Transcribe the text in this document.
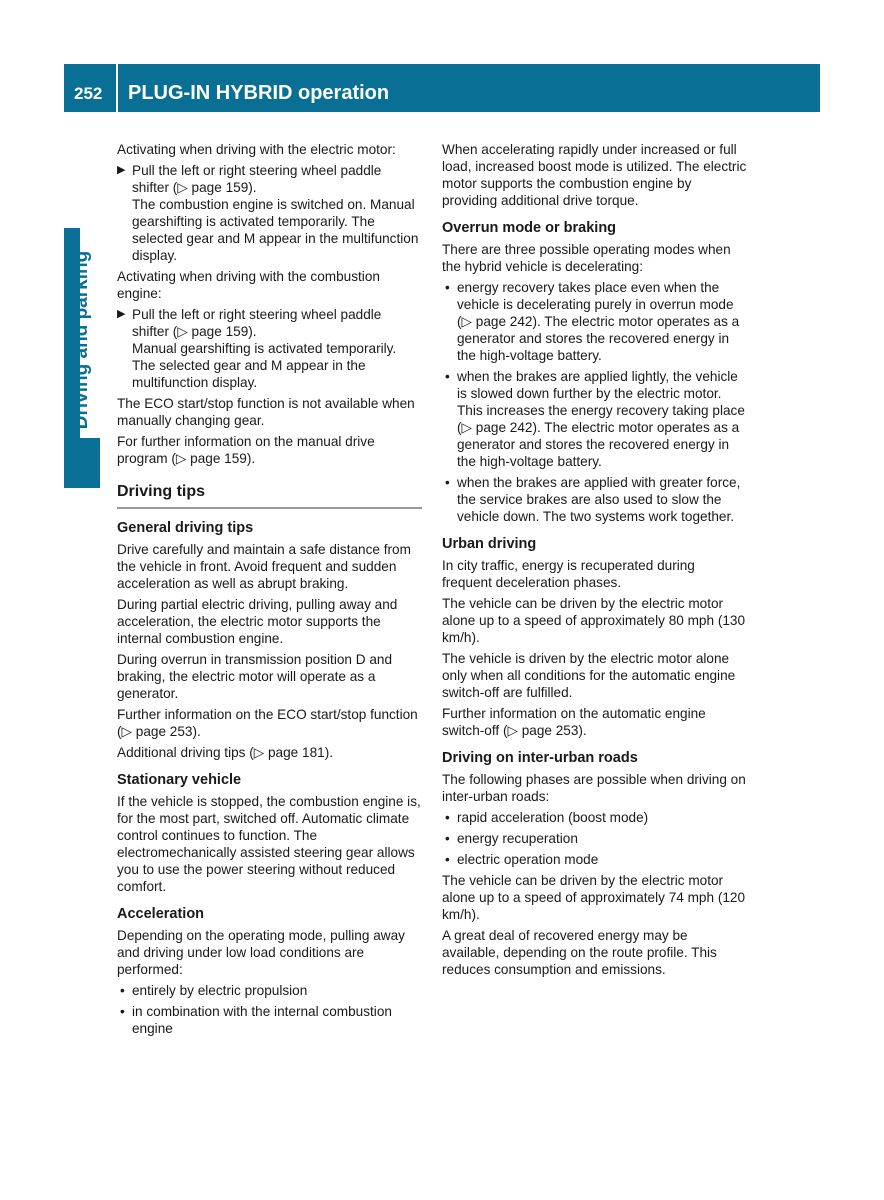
252	PLUG-IN HYBRID operation
Driving and parking

Activating when driving with the electric motor:

▶ Pull the left or right steering wheel paddle shifter (▷ page 159).
The combustion engine is switched on. Manual gearshifting is activated temporarily. The selected gear and M appear in the multifunction display.

Activating when driving with the combustion engine:

▶ Pull the left or right steering wheel paddle shifter (▷ page 159).
Manual gearshifting is activated temporarily. The selected gear and M appear in the multifunction display.

The ECO start/stop function is not available when manually changing gear.

For further information on the manual drive program (▷ page 159).

Driving tips
General driving tips

Drive carefully and maintain a safe distance from the vehicle in front. Avoid frequent and sudden acceleration as well as abrupt braking.

During partial electric driving, pulling away and acceleration, the electric motor supports the internal combustion engine.

During overrun in transmission position D and braking, the electric motor will operate as a generator.

Further information on the ECO start/stop function (▷ page 253).

Additional driving tips (▷ page 181).

Stationary vehicle

If the vehicle is stopped, the combustion engine is, for the most part, switched off. Automatic climate control continues to function. The electromechanically assisted steering gear allows you to use the power steering without reduced comfort.

Acceleration

Depending on the operating mode, pulling away and driving under low load conditions are performed:

• entirely by electric propulsion
• in combination with the internal combustion engine

When accelerating rapidly under increased or full load, increased boost mode is utilized. The electric motor supports the combustion engine by providing additional drive torque.

Overrun mode or braking

There are three possible operating modes when the hybrid vehicle is decelerating:

• energy recovery takes place even when the vehicle is decelerating purely in overrun mode (▷ page 242). The electric motor operates as a generator and stores the recovered energy in the high-voltage battery.
• when the brakes are applied lightly, the vehicle is slowed down further by the electric motor. This increases the energy recovery taking place (▷ page 242). The electric motor operates as a generator and stores the recovered energy in the high-voltage battery.
• when the brakes are applied with greater force, the service brakes are also used to slow the vehicle down. The two systems work together.
Urban driving

In city traffic, energy is recuperated during frequent deceleration phases.

The vehicle can be driven by the electric motor alone up to a speed of approximately 80 mph (130 km/h).

The vehicle is driven by the electric motor alone only when all conditions for the automatic engine switch-off are fulfilled.

Further information on the automatic engine switch-off (▷ page 253).

Driving on inter-urban roads

The following phases are possible when driving on inter-urban roads:

• rapid acceleration (boost mode)
• energy recuperation
• electric operation mode

The vehicle can be driven by the electric motor alone up to a speed of approximately 74 mph (120 km/h).

A great deal of recovered energy may be available, depending on the route profile. This reduces consumption and emissions.
